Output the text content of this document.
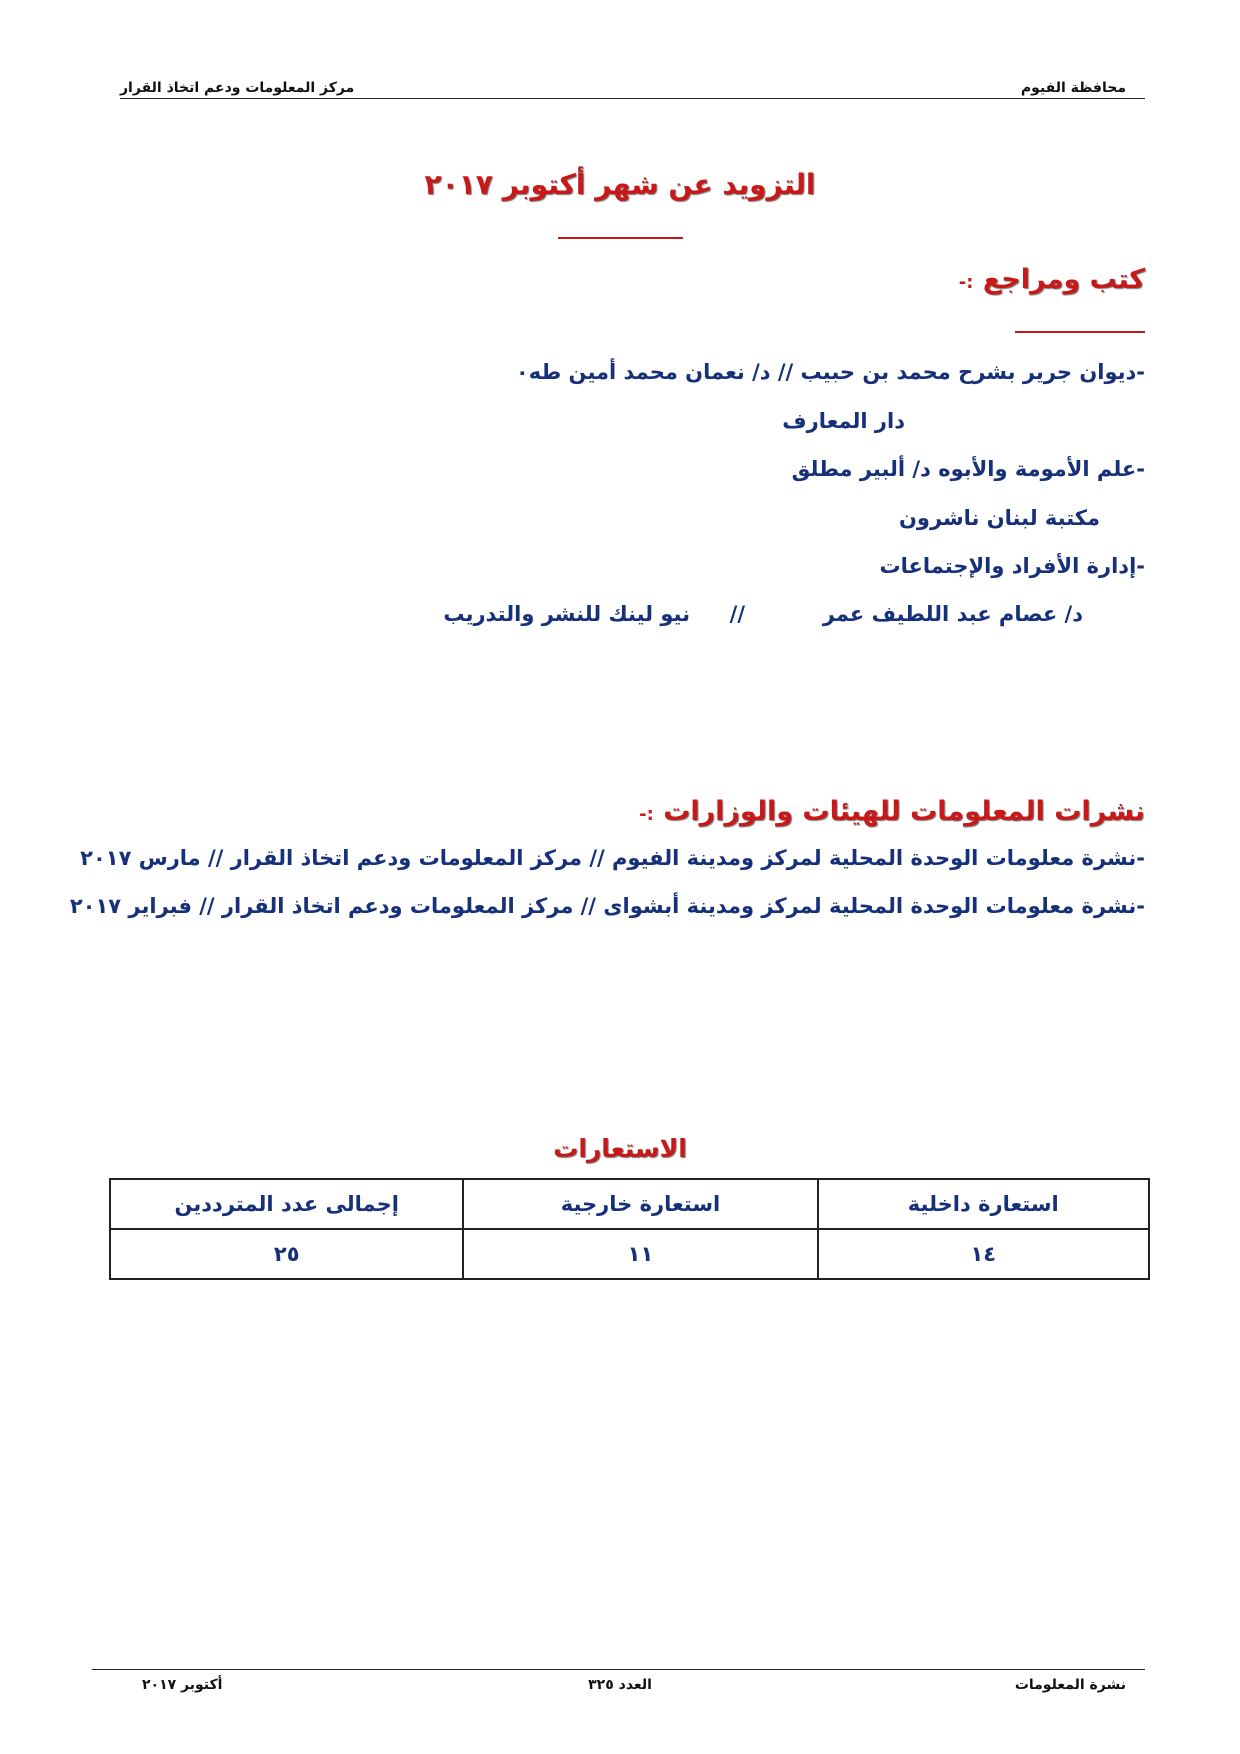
محافظة الفيوم
مركز المعلومات ودعم اتخاذ القرار
التزويد عن شهر أكتوبر ٢٠١٧
كتب ومراجع :-
-ديوان جرير بشرح محمد بن حبيب // د/ نعمان محمد أمين طه٠
دار المعارف
-علم الأمومة والأبوه د/ ألبير مطلق
مكتبة لبنان ناشرون
-إدارة الأفراد والإجتماعات
د/ عصام عبد اللطيف عمر
//
نيو لينك للنشر والتدريب
نشرات المعلومات للهيئات والوزارات :-
-نشرة معلومات الوحدة المحلية لمركز ومدينة الفيوم // مركز المعلومات ودعم اتخاذ القرار // مارس ٢٠١٧
-نشرة معلومات الوحدة المحلية لمركز ومدينة أبشواى // مركز المعلومات ودعم اتخاذ القرار // فبراير ٢٠١٧
الاستعارات
استعارة داخلية	استعارة خارجية	إجمالى عدد المترددين
١٤	١١	٢٥
نشرة المعلومات
العدد ٣٢٥
أكتوبر ٢٠١٧
